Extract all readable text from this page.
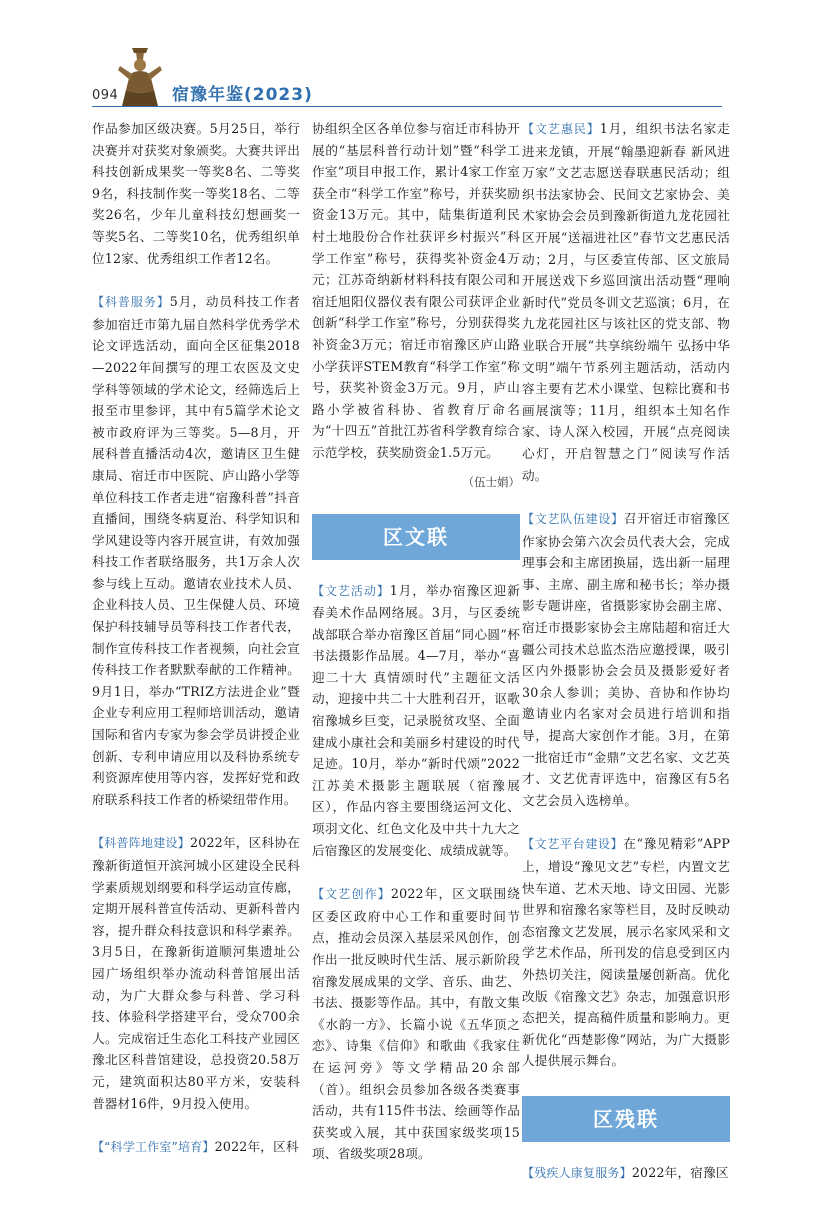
094	宿豫年鉴(2023)

作品参加区级决赛。5月25日，举行决赛并对获奖对象颁奖。大赛共评出科技创新成果奖一等奖8名、二等奖9名，科技制作奖一等奖18名、二等奖26名，少年儿童科技幻想画奖一等奖5名、二等奖10名，优秀组织单位12家、优秀组织工作者12名。

【科普服务】5月，动员科技工作者参加宿迁市第九届自然科学优秀学术论文评选活动，面向全区征集2018—2022年间撰写的理工农医及文史学科等领域的学术论文，经筛选后上报至市里参评，其中有5篇学术论文被市政府评为三等奖。5—8月，开展科普直播活动4次，邀请区卫生健康局、宿迁市中医院、庐山路小学等单位科技工作者走进“宿豫科普”抖音直播间，围绕冬病夏治、科学知识和学风建设等内容开展宣讲，有效加强科技工作者联络服务，共1万余人次参与线上互动。邀请农业技术人员、企业科技人员、卫生保健人员、环境保护科技辅导员等科技工作者代表，制作宣传科技工作者视频，向社会宣传科技工作者默默奉献的工作精神。9月1日，举办“TRIZ方法进企业”暨企业专利应用工程师培训活动，邀请国际和省内专家为参会学员讲授企业创新、专利申请应用以及科协系统专利资源库使用等内容，发挥好党和政府联系科技工作者的桥梁纽带作用。

【科普阵地建设】2022年，区科协在豫新街道恒开滨河城小区建设全民科学素质规划纲要和科学运动宣传廊，定期开展科普宣传活动、更新科普内容，提升群众科技意识和科学素养。3月5日，在豫新街道顺河集遗址公园广场组织举办流动科普馆展出活动，为广大群众参与科普、学习科技、体验科学搭建平台，受众700余人。完成宿迁生态化工科技产业园区豫北区科普馆建设，总投资20.58万元，建筑面积达80平方米，安装科普器材16件，9月投入使用。

【“科学工作室”培育】2022年，区科

协组织全区各单位参与宿迁市科协开展的“基层科普行动计划”暨“科学工作室”项目申报工作，累计4家工作室获全市“科学工作室”称号，并获奖励资金13万元。其中，陆集街道利民村土地股份合作社获评乡村振兴“科学工作室”称号，获得奖补资金4万元；江苏奇纳新材料科技有限公司和宿迁旭阳仪器仪表有限公司获评企业创新“科学工作室”称号，分别获得奖补资金3万元；宿迁市宿豫区庐山路小学获评STEM教育“科学工作室”称号，获奖补资金3万元。9月，庐山路小学被省科协、省教育厅命名为“十四五”首批江苏省科学教育综合示范学校，获奖励资金1.5万元。

（伍士娟）

区文联

【文艺活动】1月，举办宿豫区迎新春美术作品网络展。3月，与区委统战部联合举办宿豫区首届“同心圆”杯书法摄影作品展。4—7月，举办“喜迎二十大 真情颂时代”主题征文活动，迎接中共二十大胜利召开，讴歌宿豫城乡巨变，记录脱贫攻坚、全面建成小康社会和美丽乡村建设的时代足迹。10月，举办“新时代颂”2022江苏美术摄影主题联展（宿豫展区），作品内容主要围绕运河文化、项羽文化、红色文化及中共十九大之后宿豫区的发展变化、成绩成就等。

【文艺创作】2022年，区文联围绕区委区政府中心工作和重要时间节点，推动会员深入基层采风创作，创作出一批反映时代生活、展示新阶段宿豫发展成果的文学、音乐、曲艺、书法、摄影等作品。其中，有散文集《水韵一方》、长篇小说《五华顶之恋》、诗集《信仰》和歌曲《我家住在运河旁》等文学精品20余部（首）。组织会员参加各级各类赛事活动，共有115件书法、绘画等作品获奖或入展，其中获国家级奖项15项、省级奖项28项。

【文艺惠民】1月，组织书法名家走进来龙镇，开展“翰墨迎新春 新风进万家”文艺志愿送春联惠民活动；组织书法家协会、民间文艺家协会、美术家协会会员到豫新街道九龙花园社区开展“送福进社区”春节文艺惠民活动；2月，与区委宣传部、区文旅局开展送戏下乡巡回演出活动暨“理响新时代”党员冬训文艺巡演；6月，在九龙花园社区与该社区的党支部、物业联合开展“共享缤纷端午 弘扬中华文明”端午节系列主题活动，活动内容主要有艺术小课堂、包粽比赛和书画展演等；11月，组织本土知名作家、诗人深入校园，开展“点亮阅读心灯，开启智慧之门”阅读写作活动。

【文艺队伍建设】召开宿迁市宿豫区作家协会第六次会员代表大会，完成理事会和主席团换届，选出新一届理事、主席、副主席和秘书长；举办摄影专题讲座，省摄影家协会副主席、宿迁市摄影家协会主席陆超和宿迁大疆公司技术总监杰浩应邀授课，吸引区内外摄影协会会员及摄影爱好者30余人参训；美协、音协和作协均邀请业内名家对会员进行培训和指导，提高大家创作才能。3月，在第一批宿迁市“金鼎”文艺名家、文艺英才、文艺优青评选中，宿豫区有5名文艺会员入选榜单。

【文艺平台建设】在“豫见精彩”APP上，增设“豫见文艺”专栏，内置文艺快车道、艺术天地、诗文田园、光影世界和宿豫名家等栏目，及时反映动态宿豫文艺发展，展示名家风采和文学艺术作品，所刊发的信息受到区内外热切关注，阅读量屡创新高。优化改版《宿豫文艺》杂志，加强意识形态把关，提高稿件质量和影响力。更新优化“西楚影像”网站，为广大摄影人提供展示舞台。

区残联

【残疾人康复服务】2022年，宿豫区
